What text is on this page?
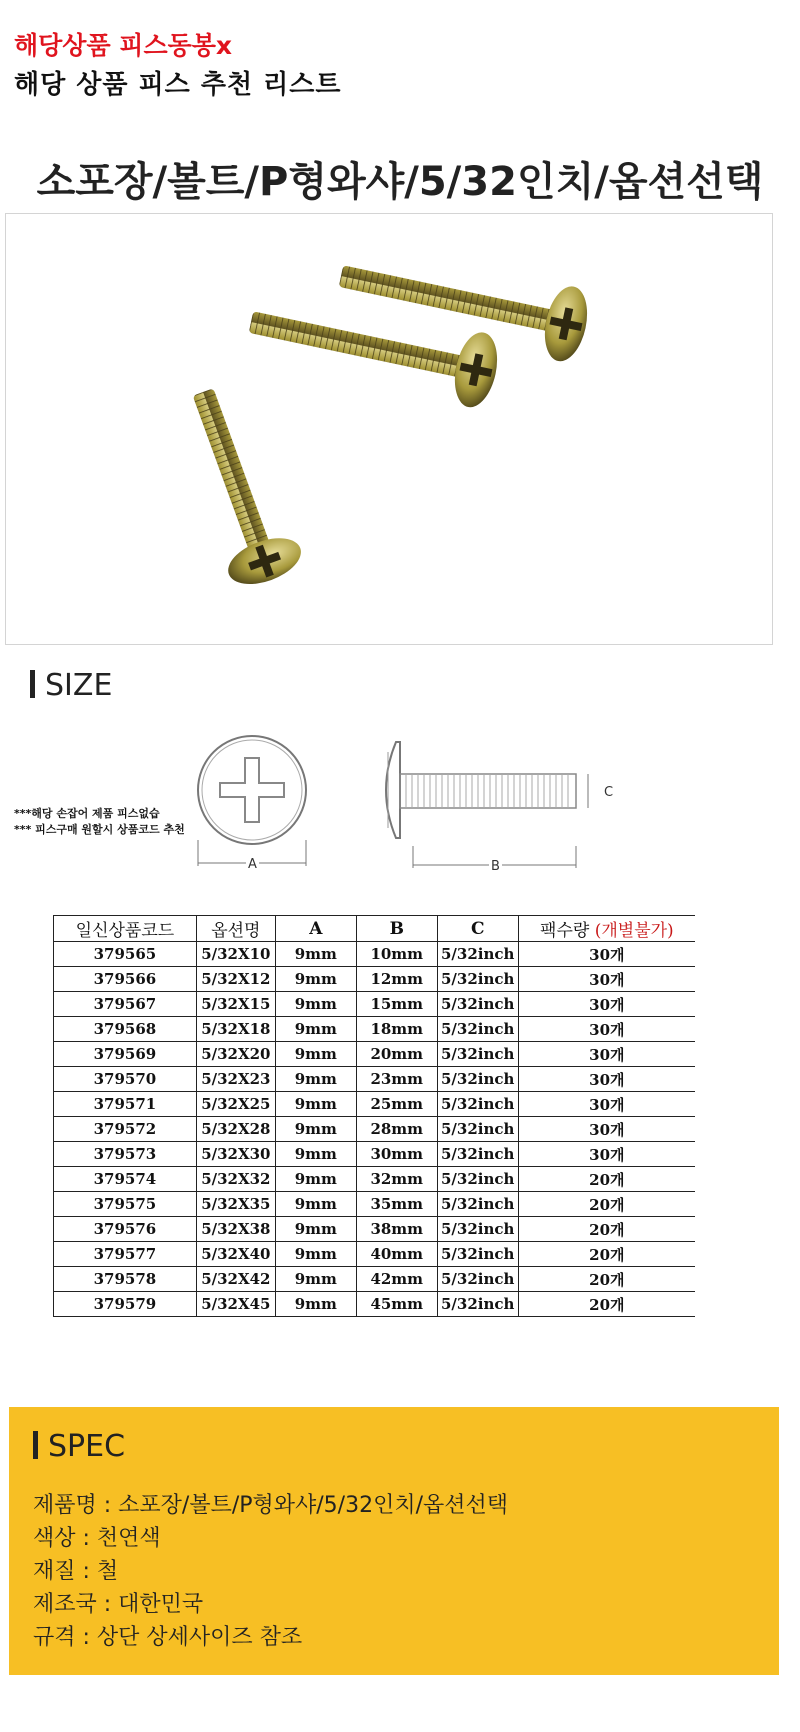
해당상품 피스동봉x
해당 상품 피스 추천 리스트
소포장/볼트/P형와샤/5/32인치/옵션선택
SIZE
A	B
C
***해당 손잡어 제품 피스없습
*** 피스구매 원할시 상품코드 추천
일신상품코드	옵션명	A	B	C	팩수량 (개별불가)
379565	5/32X10	9mm	10mm	5/32inch	30개
379566	5/32X12	9mm	12mm	5/32inch	30개
379567	5/32X15	9mm	15mm	5/32inch	30개
379568	5/32X18	9mm	18mm	5/32inch	30개
379569	5/32X20	9mm	20mm	5/32inch	30개
379570	5/32X23	9mm	23mm	5/32inch	30개
379571	5/32X25	9mm	25mm	5/32inch	30개
379572	5/32X28	9mm	28mm	5/32inch	30개
379573	5/32X30	9mm	30mm	5/32inch	30개
379574	5/32X32	9mm	32mm	5/32inch	20개
379575	5/32X35	9mm	35mm	5/32inch	20개
379576	5/32X38	9mm	38mm	5/32inch	20개
379577	5/32X40	9mm	40mm	5/32inch	20개
379578	5/32X42	9mm	42mm	5/32inch	20개
379579	5/32X45	9mm	45mm	5/32inch	20개
SPEC
제품명 : 소포장/볼트/P형와샤/5/32인치/옵션선택
색상 : 천연색
재질 : 철
제조국 : 대한민국
규격 : 상단 상세사이즈 참조
